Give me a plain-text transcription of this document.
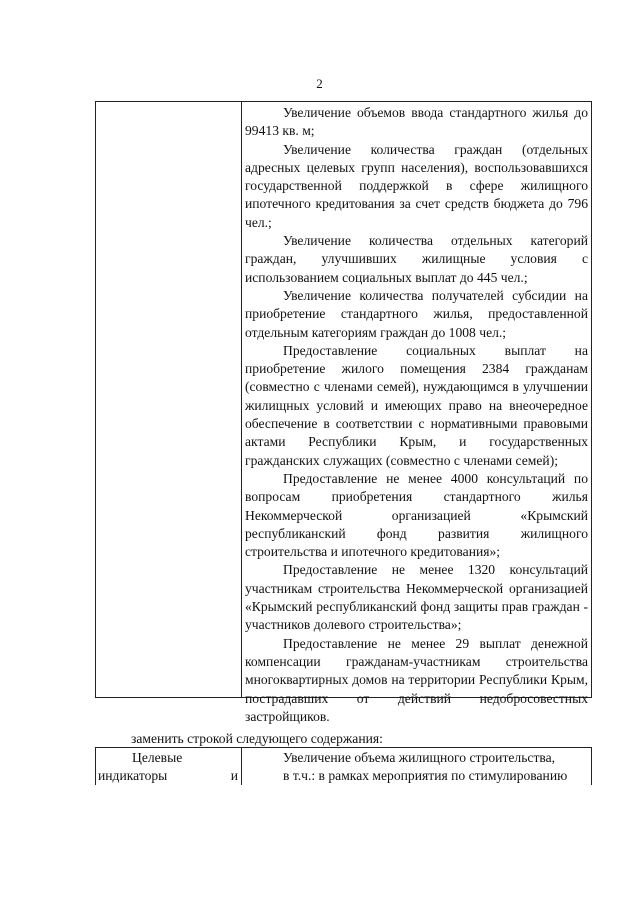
2

Увеличение объемов ввода стандартного жилья до 99413 кв. м;

Увеличение количества граждан (отдельных адресных целевых групп населения), воспользовавшихся государственной поддержкой в сфере жилищного ипотечного кредитования за счет средств бюджета до 796 чел.;

Увеличение количества отдельных категорий граждан, улучшивших жилищные условия с использованием социальных выплат до 445 чел.;

Увеличение количества получателей субсидии на приобретение стандартного жилья, предоставленной отдельным категориям граждан до 1008 чел.;

Предоставление социальных выплат на приобретение жилого помещения 2384 гражданам (совместно с членами семей), нуждающимся в улучшении жилищных условий и имеющих право на внеочередное обеспечение в соответствии с нормативными правовыми актами Республики Крым, и государственных гражданских служащих (совместно с членами семей);

Предоставление не менее 4000 консультаций по вопросам приобретения стандартного жилья Некоммерческой организацией «Крымский республиканский фонд развития жилищного строительства и ипотечного кредитования»;

Предоставление не менее 1320 консультаций участникам строительства Некоммерческой организацией «Крымский республиканский фонд защиты прав граждан - участников долевого строительства»;

Предоставление не менее 29 выплат денежной компенсации гражданам-участникам строительства многоквартирных домов на территории Республики Крым, пострадавших от действий недобросовестных застройщиков.

заменить строкой следующего содержания:
Целевые
индикаторы	и
Увеличение объема жилищного строительства,
в т.ч.: в рамках мероприятия по стимулированию
